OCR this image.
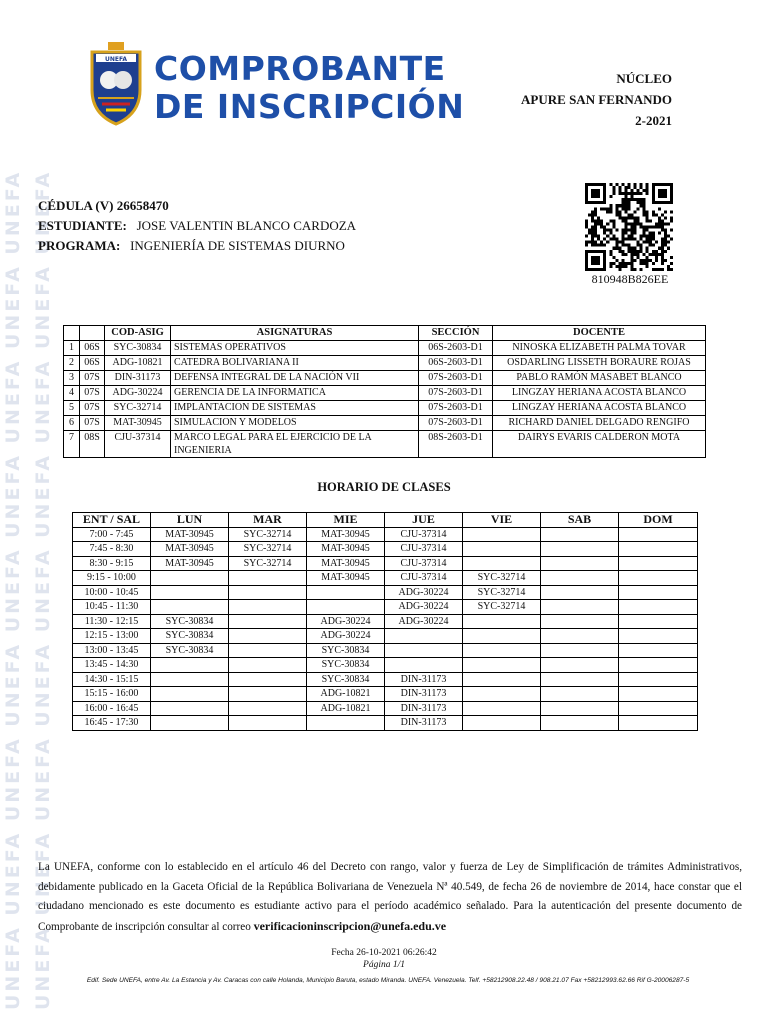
UNEFA UNEFA UNEFA UNEFA UNEFA UNEFA UNEFA UNEFA UNEFA UNEFA UNEFA UNEFA UNEFA UNEFA UNEFA UNEFA UNEFA UNEFA
UNEFA COMPROBANTE
DE INSCRIPCIÓN
NÚCLEO
APURE SAN FERNANDO
2-2021
CÉDULA (V) 26658470
ESTUDIANTE: JOSE VALENTIN BLANCO CARDOZA
PROGRAMA: INGENIERÍA DE SISTEMAS DIURNO
810948B826EE
		COD-ASIG	ASIGNATURAS	SECCIÓN	DOCENTE
1	06S	SYC-30834	SISTEMAS OPERATIVOS	06S-2603-D1	NINOSKA ELIZABETH PALMA TOVAR
2	06S	ADG-10821	CATEDRA BOLIVARIANA II	06S-2603-D1	OSDARLING LISSETH BORAURE ROJAS
3	07S	DIN-31173	DEFENSA INTEGRAL DE LA NACIÓN VII	07S-2603-D1	PABLO RAMÓN MASABET BLANCO
4	07S	ADG-30224	GERENCIA DE LA INFORMATICA	07S-2603-D1	LINGZAY HERIANA ACOSTA BLANCO
5	07S	SYC-32714	IMPLANTACION DE SISTEMAS	07S-2603-D1	LINGZAY HERIANA ACOSTA BLANCO
6	07S	MAT-30945	SIMULACION Y MODELOS	07S-2603-D1	RICHARD DANIEL DELGADO RENGIFO
7	08S	CJU-37314	MARCO LEGAL PARA EL EJERCICIO DE LA INGENIERIA	08S-2603-D1	DAIRYS EVARIS CALDERON MOTA
HORARIO DE CLASES
ENT / SAL	LUN	MAR	MIE	JUE	VIE	SAB	DOM
7:00 - 7:45	MAT-30945	SYC-32714	MAT-30945	CJU-37314			
7:45 - 8:30	MAT-30945	SYC-32714	MAT-30945	CJU-37314			
8:30 - 9:15	MAT-30945	SYC-32714	MAT-30945	CJU-37314			
9:15 - 10:00			MAT-30945	CJU-37314	SYC-32714		
10:00 - 10:45				ADG-30224	SYC-32714		
10:45 - 11:30				ADG-30224	SYC-32714		
11:30 - 12:15	SYC-30834		ADG-30224	ADG-30224			
12:15 - 13:00	SYC-30834		ADG-30224				
13:00 - 13:45	SYC-30834		SYC-30834				
13:45 - 14:30			SYC-30834				
14:30 - 15:15			SYC-30834	DIN-31173			
15:15 - 16:00			ADG-10821	DIN-31173			
16:00 - 16:45			ADG-10821	DIN-31173			
16:45 - 17:30				DIN-31173			
La UNEFA, conforme con lo establecido en el artículo 46 del Decreto con rango, valor y fuerza de Ley de Simplificación de trámites Administrativos, debidamente publicado en la Gaceta Oficial de la República Bolivariana de Venezuela Nª 40.549, de fecha 26 de noviembre de 2014, hace constar que el ciudadano mencionado es este documento es estudiante activo para el período académico señalado. Para la autenticación del presente documento de Comprobante de inscripción consultar al correo verificacioninscripcion@unefa.edu.ve
Fecha 26-10-2021 06:26:42
Página 1/1
Edif. Sede UNEFA, entre Av. La Estancia y Av. Caracas con calle Holanda, Municipio Baruta, estado Miranda. UNEFA. Venezuela. Telf. +58212908.22.48 / 908.21.07 Fax +58212993.62.66 Rif G-20006287-5
